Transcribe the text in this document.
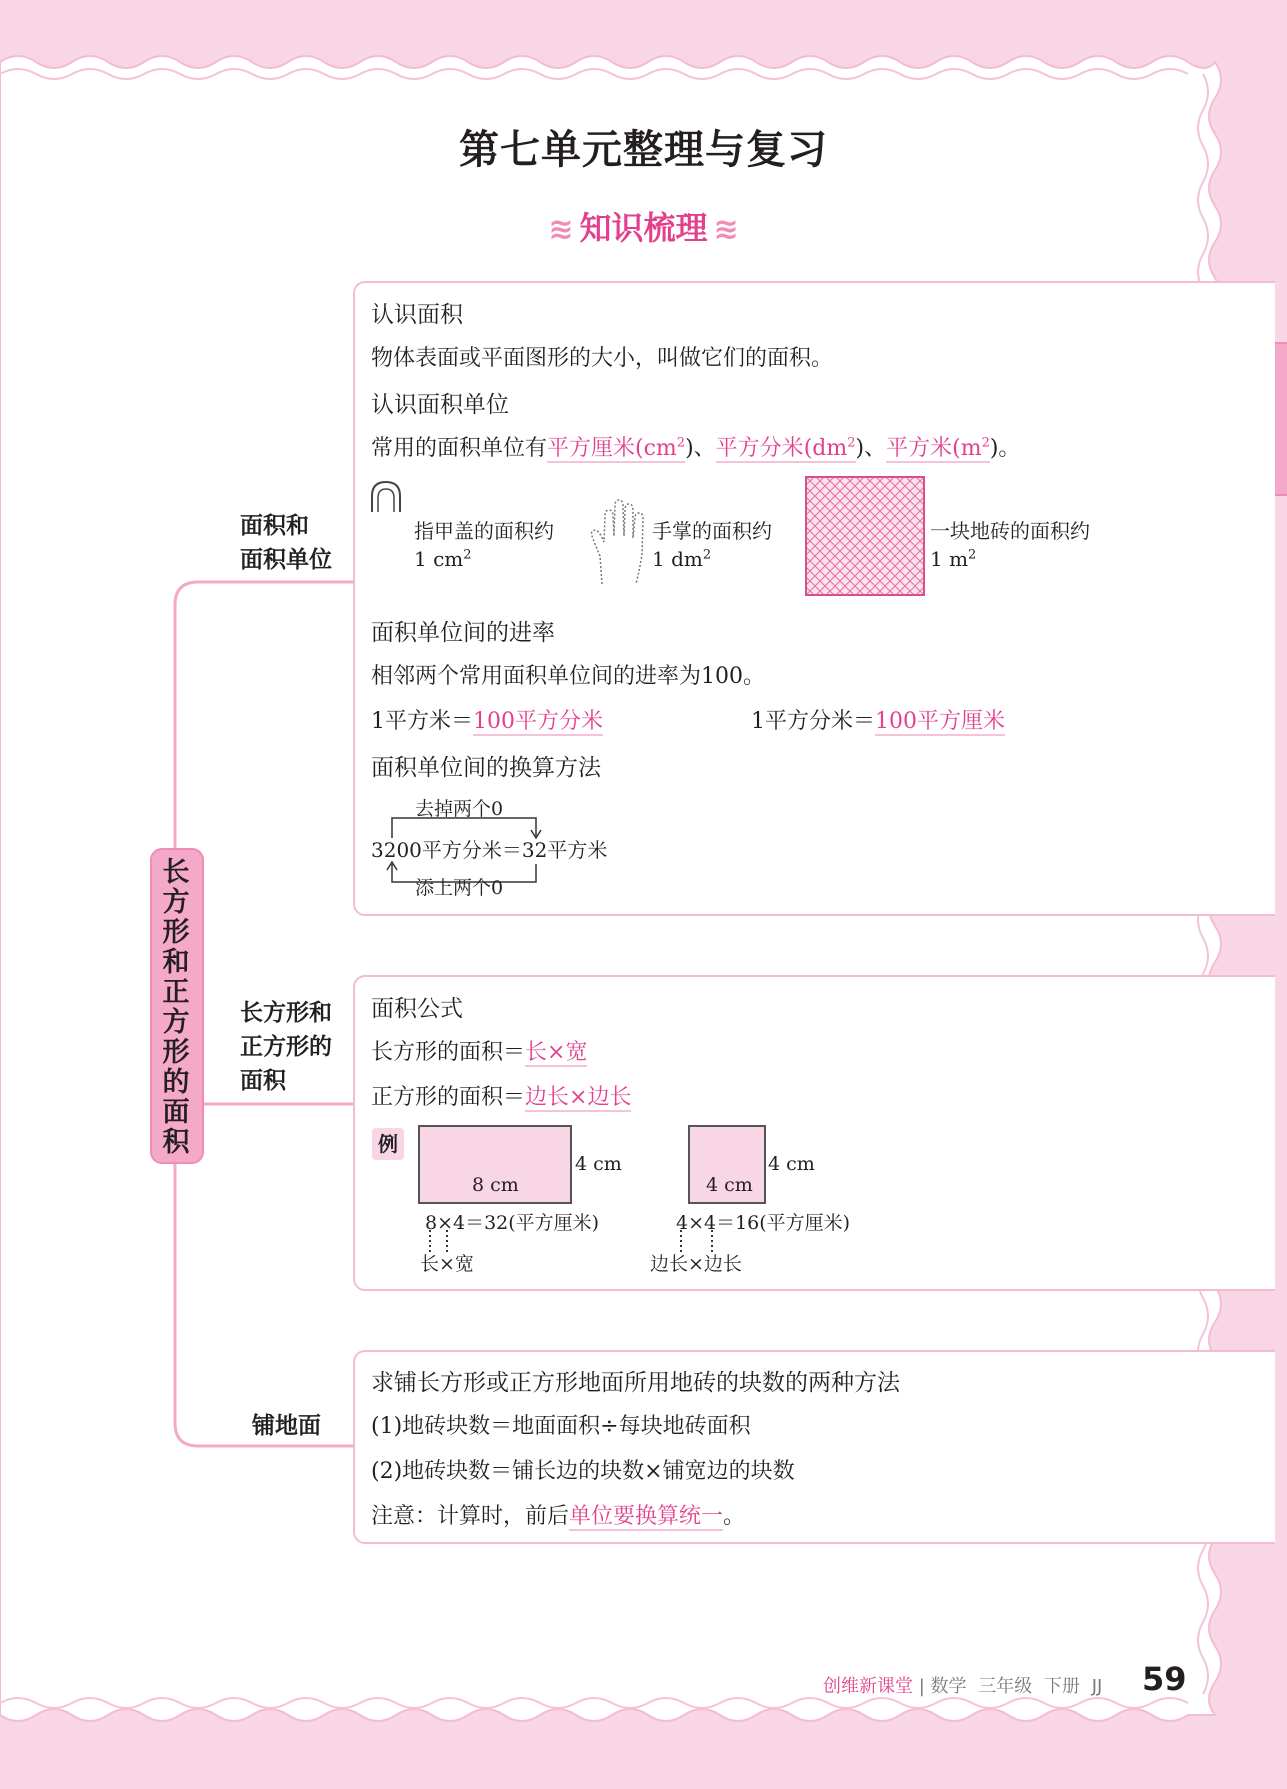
第七单元整理与复习
≋ 知识梳理 ≋
长方形和正方形的面积
面积和
面积单位
长方形和
正方形的
面积
铺地面
认识面积
物体表面或平面图形的大小，叫做它们的面积。
认识面积单位
常用的面积单位有平方厘米$(cm^2)$、平方分米$(dm^2)$、平方米$(m^2)$。
指甲盖的面积约
1 $cm^2$
手掌的面积约
1 $dm^2$
一块地砖的面积约
1 $m^2$
面积单位间的进率
相邻两个常用面积单位间的进率为100。
1平方米＝100平方分米	1平方分米＝100平方厘米
面积单位间的换算方法
去掉两个0
3200平方分米＝32平方米
添上两个0
面积公式
长方形的面积＝长×宽
正方形的面积＝边长×边长
例
8 cm
4 cm
8×4＝32(平方厘米)
长×宽
4 cm
4 cm
4×4＝16(平方厘米)
边长×边长
求铺长方形或正方形地面所用地砖的块数的两种方法
(1)地砖块数＝地面面积÷每块地砖面积
(2)地砖块数＝铺长边的块数×铺宽边的块数
注意：计算时，前后单位要换算统一。
创维新课堂 | 数学 三年级 下册 JJ 59
